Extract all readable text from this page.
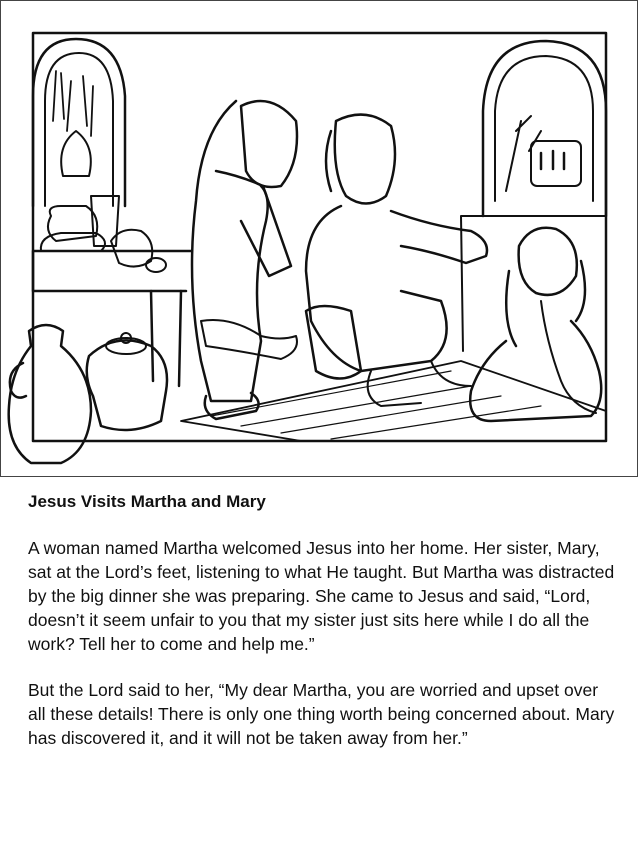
Jesus Visits Martha and Mary

A woman named Martha welcomed Jesus into her home. Her sister, Mary, sat at the Lord’s feet, listening to what He taught. But Martha was distracted by the big dinner she was preparing. She came to Jesus and said, “Lord, doesn’t it seem unfair to you that my sister just sits here while I do all the work? Tell her to come and help me.”

But the Lord said to her, “My dear Martha, you are worried and upset over all these details! There is only one thing worth being concerned about. Mary has discovered it, and it will not be taken away from her.”
